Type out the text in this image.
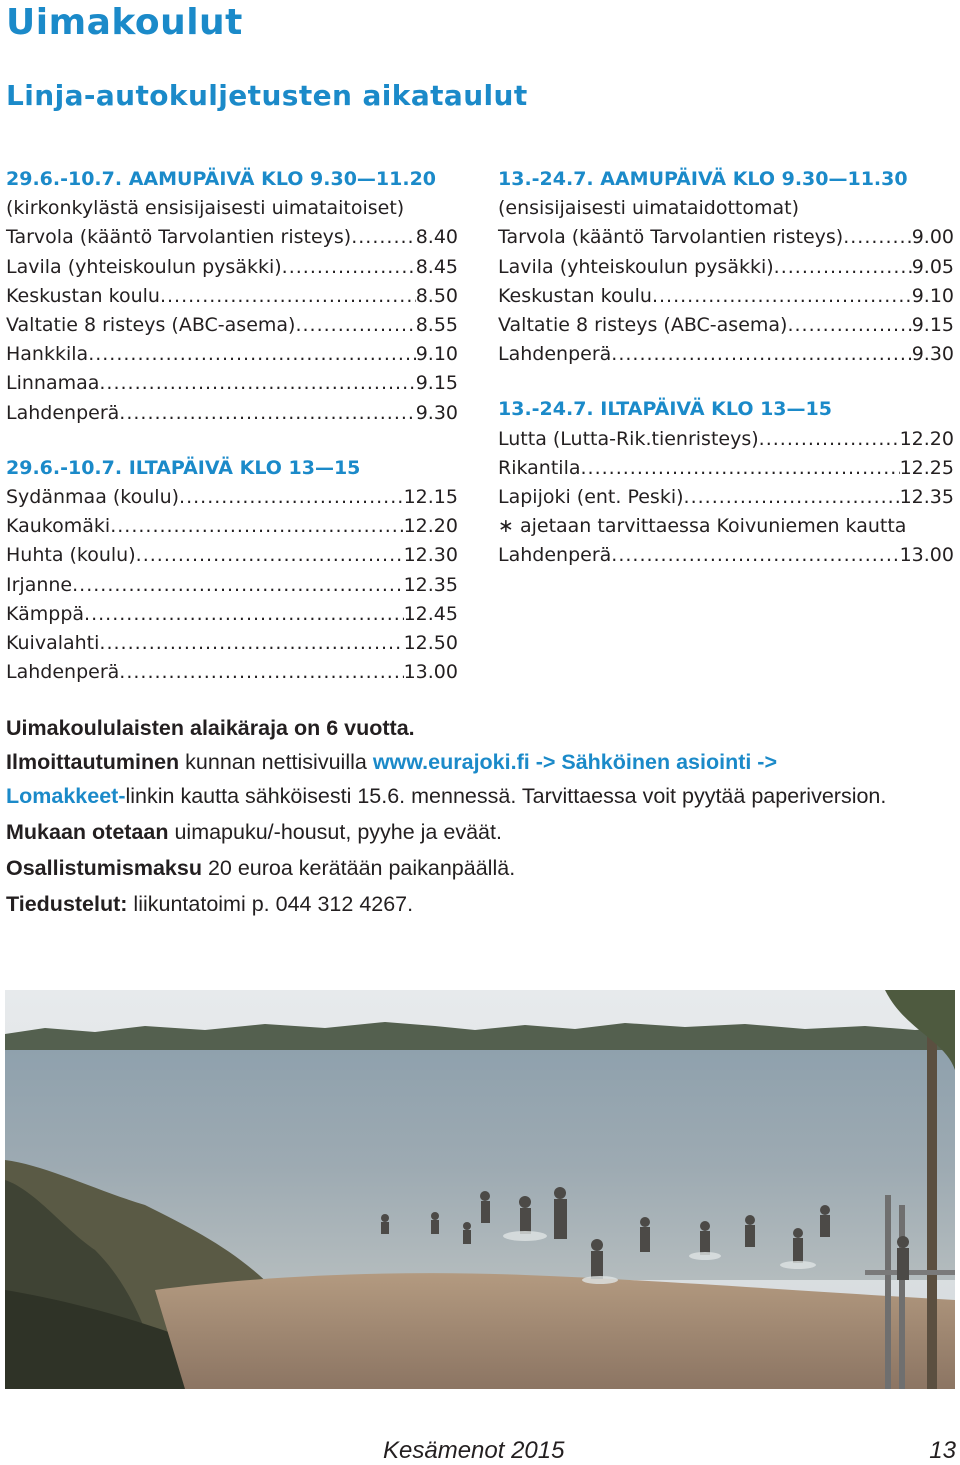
Uimakoulut
Linja-autokuljetusten aikataulut
29.6.-10.7. AAMUPÄIVÄ KLO 9.30—11.20
(kirkonkylästä ensisijaisesti uimataitoiset)
Tarvola (kääntö Tarvolantien risteys) .....	8.40
Lavila (yhteiskoulun pysäkki) .....	8.45
Keskustan koulu .....	8.50
Valtatie 8 risteys (ABC-asema) .....	8.55
Hankkila .....	9.10
Linnamaa .....	9.15
Lahdenperä .....	9.30
29.6.-10.7. ILTAPÄIVÄ KLO 13—15
Sydänmaa (koulu) .....	12.15
Kaukomäki .....	12.20
Huhta (koulu) .....	12.30
Irjanne .....	12.35
Kämppä .....	12.45
Kuivalahti .....	12.50
Lahdenperä .....	13.00
13.-24.7. AAMUPÄIVÄ KLO 9.30—11.30
(ensisijaisesti uimataidottomat)
Tarvola (kääntö Tarvolantien risteys) .....	9.00
Lavila (yhteiskoulun pysäkki) .....	9.05
Keskustan koulu .....	9.10
Valtatie 8 risteys (ABC-asema) .....	9.15
Lahdenperä .....	9.30
13.-24.7. ILTAPÄIVÄ KLO 13—15
Lutta (Lutta-Rik.tienristeys) .....	12.20
Rikantila .....	12.25
Lapijoki (ent. Peski) .....	12.35
∗ ajetaan tarvittaessa Koivuniemen kautta
Lahdenperä .....	13.00

Uimakoululaisten alaikäraja on 6 vuotta.

Ilmoittautuminen kunnan nettisivuilla www.eurajoki.fi -> Sähköinen asiointi ->
Lomakkeet-linkin kautta sähköisesti 15.6. mennessä. Tarvittaessa voit pyytää paperiversion.

Mukaan otetaan uimapuku/-housut, pyyhe ja eväät.

Osallistumismaksu 20 euroa kerätään paikanpäällä.

Tiedustelut: liikuntatoimi p. 044 312 4267.

Kesämenot 2015	13
